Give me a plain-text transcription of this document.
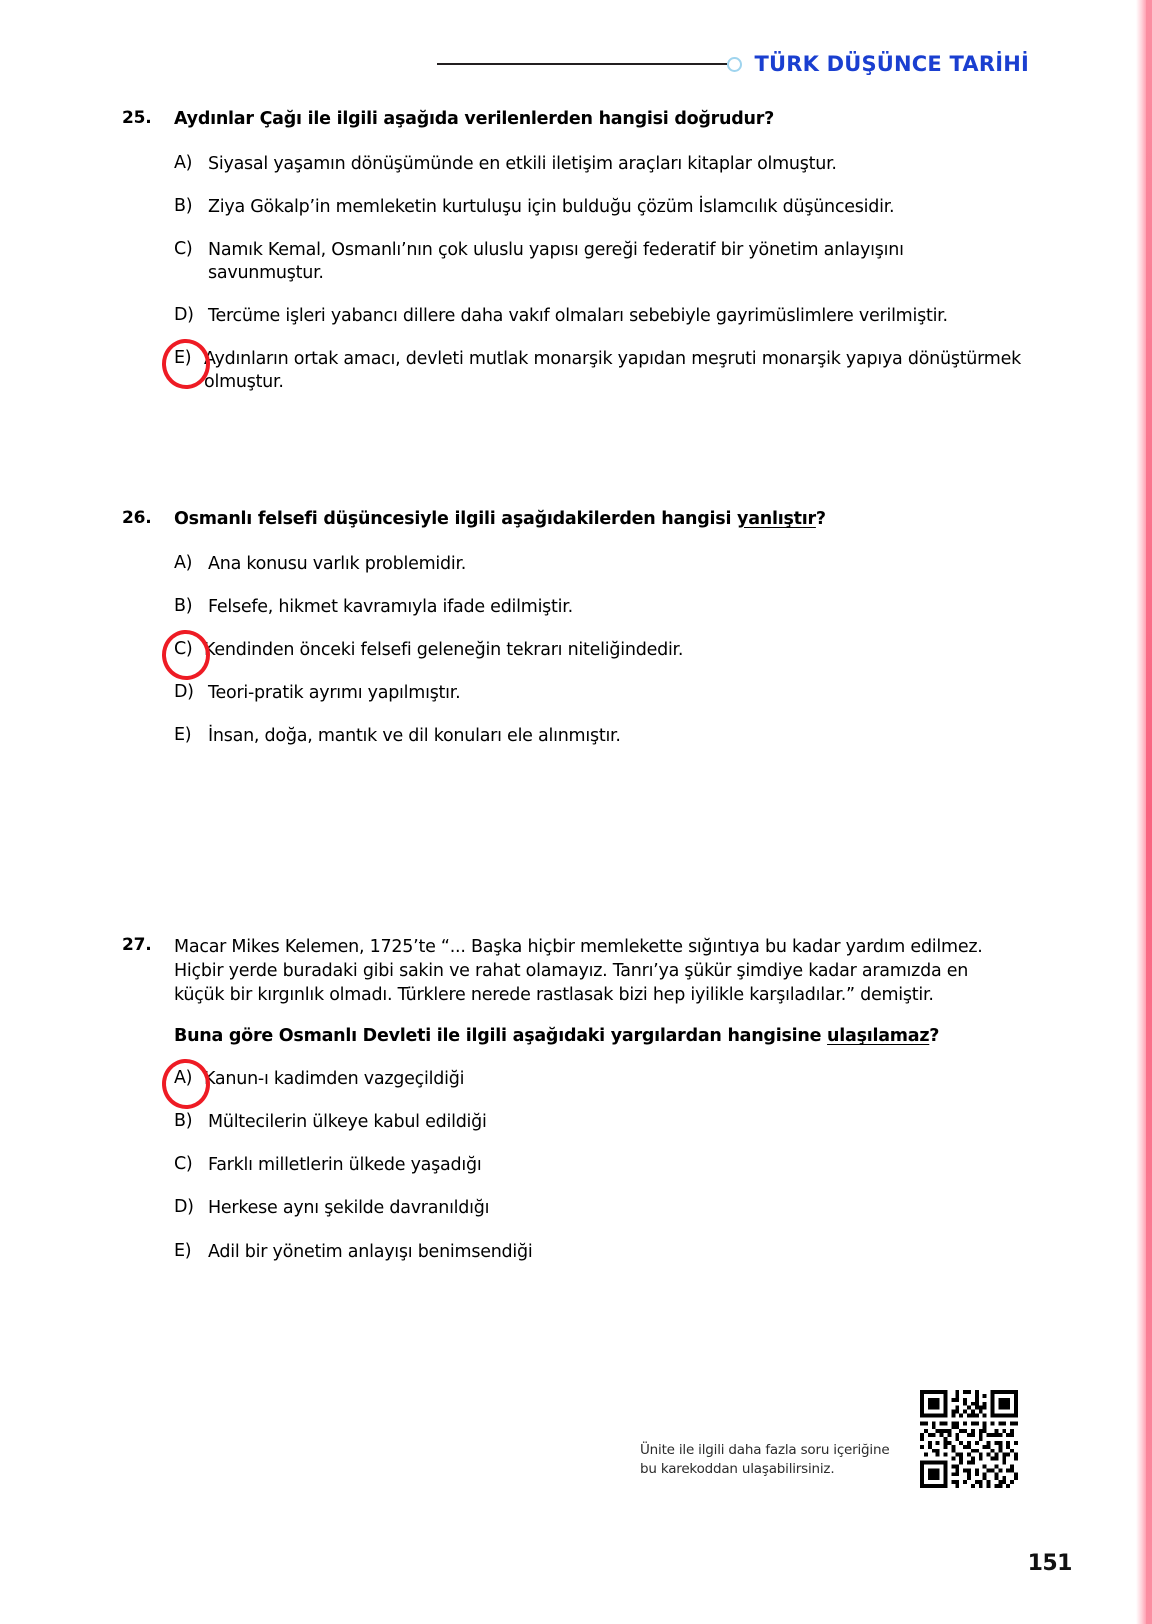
TÜRK DÜŞÜNCE TARİHİ
25.	Aydınlar Çağı ile ilgili aşağıda verilenlerden hangisi doğrudur?
A) Siyasal yaşamın dönüşümünde en etkili iletişim araçları kitaplar olmuştur.
B) Ziya Gökalp’in memleketin kurtuluşu için bulduğu çözüm İslamcılık düşüncesidir.
C) Namık Kemal, Osmanlı’nın çok uluslu yapısı gereği federatif bir yönetim anlayışını savunmuştur.
D) Tercüme işleri yabancı dillere daha vakıf olmaları sebebiyle gayrimüslimlere verilmiştir.
E) Aydınların ortak amacı, devleti mutlak monarşik yapıdan meşruti monarşik yapıya dönüştürmek olmuştur.
26.	Osmanlı felsefi düşüncesiyle ilgili aşağıdakilerden hangisi yanlıştır?
A) Ana konusu varlık problemidir.
B) Felsefe, hikmet kavramıyla ifade edilmiştir.
C) Kendinden önceki felsefi geleneğin tekrarı niteliğindedir.
D) Teori-pratik ayrımı yapılmıştır.
E) İnsan, doğa, mantık ve dil konuları ele alınmıştır.
27.	Macar Mikes Kelemen, 1725’te “... Başka hiçbir memlekette sığıntıya bu kadar yardım edilmez. Hiçbir yerde buradaki gibi sakin ve rahat olamayız. Tanrı’ya şükür şimdiye kadar aramızda en küçük bir kırgınlık olmadı. Türklere nerede rastlasak bizi hep iyilikle karşıladılar.” demiştir.
Buna göre Osmanlı Devleti ile ilgili aşağıdaki yargılardan hangisine ulaşılamaz?
A) Kanun-ı kadimden vazgeçildiği
B) Mültecilerin ülkeye kabul edildiği
C) Farklı milletlerin ülkede yaşadığı
D) Herkese aynı şekilde davranıldığı
E) Adil bir yönetim anlayışı benimsendiği
Ünite ile ilgili daha fazla soru içeriğine
bu karekoddan ulaşabilirsiniz.
151
